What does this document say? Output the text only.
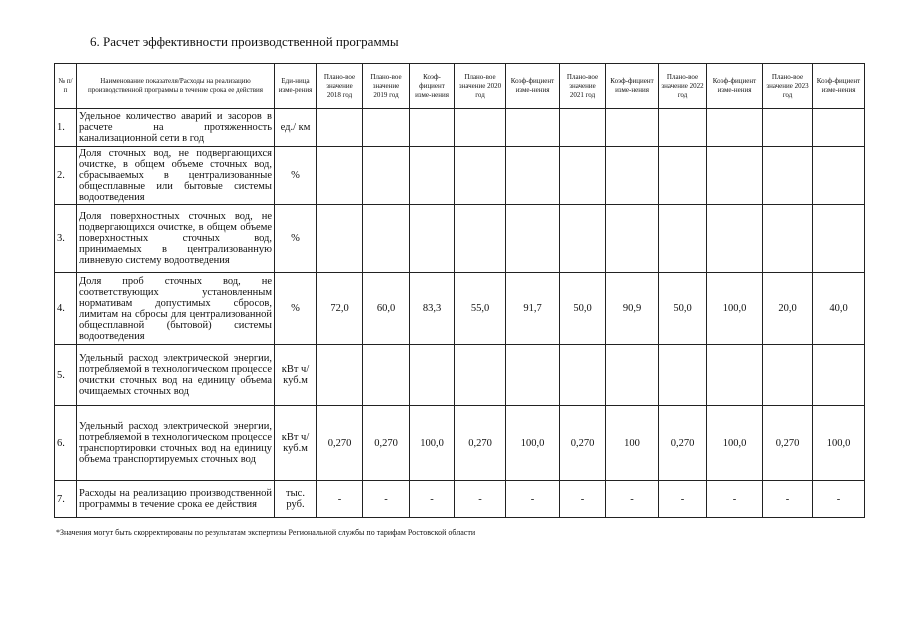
6. Расчет эффективности производственной программы
№ п/п	Наименование показателя/Расходы на реализацию производственной программы в течение срока ее действия	Еди-ница изме-рения	Плано-вое значение 2018 год	Плано-вое значение 2019 год	Коэф-фициент изме-нения	Плано-вое значение 2020 год	Коэф-фициент изме-нения	Плано-вое значение 2021 год	Коэф-фициент изме-нения	Плано-вое значение 2022 год	Коэф-фициент изме-нения	Плано-вое значение 2023 год	Коэф-фициент изме-нения
1.	Удельное количество аварий и засоров в расчете на протяженность канализационной сети в год	ед./ км											
2.	Доля сточных вод, не подвергающихся очистке, в общем объеме сточных вод, сбрасываемых в централизованные общесплавные или бытовые системы водоотведения	%											
3.	Доля поверхностных сточных вод, не подвергающихся очистке, в общем объеме поверхностных сточных вод, принимаемых в централизованную ливневую систему водоотведения	%											
4.	Доля проб сточных вод, не соответствующих установленным нормативам допустимых сбросов, лимитам на сбросы для централизованной общесплавной (бытовой) системы водоотведения	%	72,0	60,0	83,3	55,0	91,7	50,0	90,9	50,0	100,0	20,0	40,0
5.	Удельный расход электрической энергии, потребляемой в технологическом процессе очистки сточных вод на единицу объема очищаемых сточных вод	кВт ч/куб.м											
6.	Удельный расход электрической энергии, потребляемой в технологическом процессе транспортировки сточных вод на единицу объема транспортируемых сточных вод	кВт ч/куб.м	0,270	0,270	100,0	0,270	100,0	0,270	100	0,270	100,0	0,270	100,0
7.	Расходы на реализацию производственной программы в течение срока ее действия	тыс. руб.	-	-	-	-	-	-	-	-	-	-	-
*Значения могут быть скорректированы по результатам экспертизы Региональной службы по тарифам Ростовской области
